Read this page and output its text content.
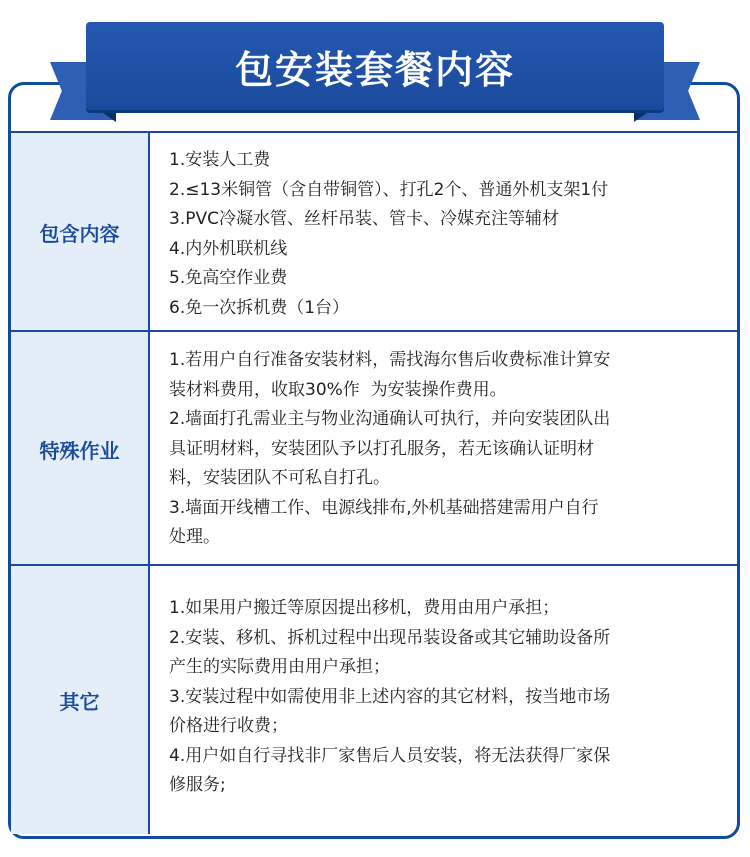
包安装套餐内容
包含内容
1.安装人工费
2.≤13米铜管（含自带铜管）、打孔2个、普通外机支架1付
3.PVC冷凝水管、丝杆吊装、管卡、冷媒充注等辅材
4.内外机联机线
5.免高空作业费
6.免一次拆机费（1台）
特殊作业
1.若用户自行准备安装材料，需找海尔售后收费标准计算安
装材料费用，收取30%作  为安装操作费用。
2.墙面打孔需业主与物业沟通确认可执行，并向安装团队出
具证明材料，安装团队予以打孔服务，若无该确认证明材
料，安装团队不可私自打孔。
3.墙面开线槽工作、电源线排布,外机基础搭建需用户自行
处理。
其它
1.如果用户搬迁等原因提出移机，费用由用户承担；
2.安装、移机、拆机过程中出现吊装设备或其它辅助设备所
产生的实际费用由用户承担；
3.安装过程中如需使用非上述内容的其它材料，按当地市场
价格进行收费；
4.用户如自行寻找非厂家售后人员安装，将无法获得厂家保
修服务;
